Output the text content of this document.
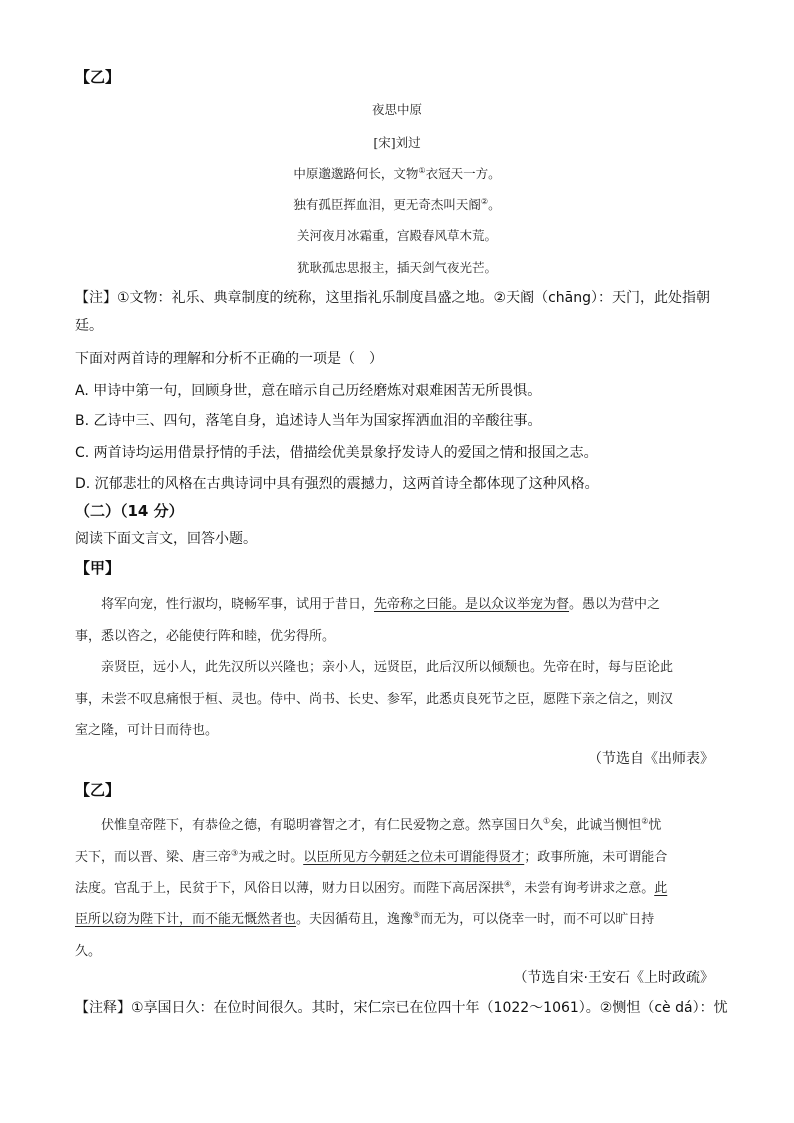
【乙】
夜思中原
[宋]刘过
中原邈邈路何长，文物①衣冠天一方。
独有孤臣挥血泪，更无奇杰叫天阍②。
关河夜月冰霜重，宫殿春风草木荒。
犹耿孤忠思报主，插天剑气夜光芒。
【注】①文物：礼乐、典章制度的统称，这里指礼乐制度昌盛之地。②天阍（chāng）：天门，此处指朝
廷。
下面对两首诗的理解和分析不正确的一项是（　）
A. 甲诗中第一句，回顾身世，意在暗示自己历经磨炼对艰难困苦无所畏惧。
B. 乙诗中三、四句，落笔自身，追述诗人当年为国家挥洒血泪的辛酸往事。
C. 两首诗均运用借景抒情的手法，借描绘优美景象抒发诗人的爱国之情和报国之志。
D. 沉郁悲壮的风格在古典诗词中具有强烈的震撼力，这两首诗全都体现了这种风格。
（二）（14 分）
阅读下面文言文，回答小题。
【甲】
将军向宠，性行淑均，晓畅军事，试用于昔日，先帝称之曰能。是以众议举宠为督。愚以为营中之
事，悉以咨之，必能使行阵和睦，优劣得所。
亲贤臣，远小人，此先汉所以兴隆也；亲小人，远贤臣，此后汉所以倾颓也。先帝在时，每与臣论此
事，未尝不叹息痛恨于桓、灵也。侍中、尚书、长史、参军，此悉贞良死节之臣，愿陛下亲之信之，则汉
室之隆，可计日而待也。
（节选自《出师表》
【乙】
伏惟皇帝陛下，有恭俭之德，有聪明睿智之才，有仁民爱物之意。然享国日久①矣，此诚当恻怛②忧
天下，而以晋、梁、唐三帝③为戒之时。以臣所见方今朝廷之位未可谓能得贤才；政事所施，未可谓能合
法度。官乱于上，民贫于下，风俗日以薄，财力日以困穷。而陛下高居深拱④，未尝有询考讲求之意。此
臣所以窃为陛下计，而不能无慨然者也。夫因循苟且，逸豫⑤而无为，可以侥幸一时，而不可以旷日持
久。
（节选自宋·王安石《上时政疏》
【注释】①享国日久：在位时间很久。其时，宋仁宗已在位四十年（1022～1061）。②恻怛（cè dá）：忧
